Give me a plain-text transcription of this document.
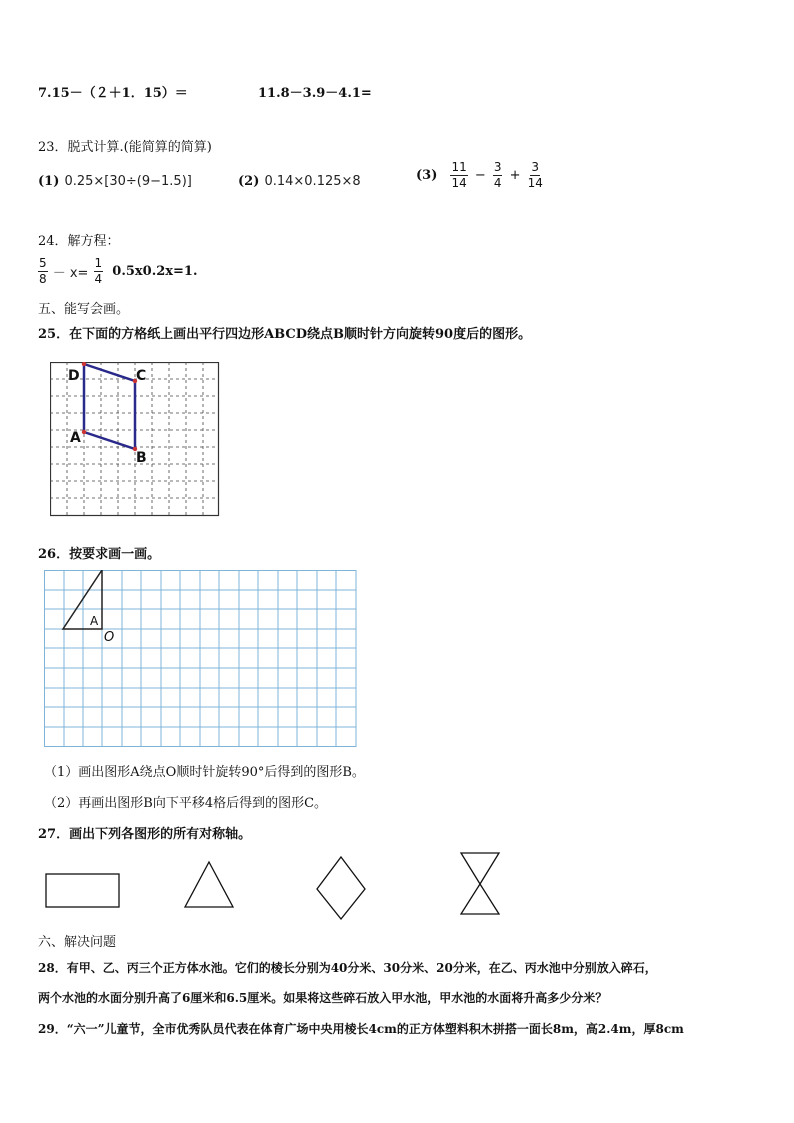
7.15－（２＋1．15）＝	11.8－3.9－4.1=
23．脱式计算.(能简算的简算)
(1) 0.25×[30÷(9−1.5)]	(2) 0.14×0.125×8	$(3) \frac{11}{14} - \frac{3}{4} + \frac{3}{14}$
24．解方程：
$\frac{5}{8} - x= \frac{1}{4} 0.5x0.2x=1$.
五、能写会画。
25．在下面的方格纸上画出平行四边形ABCD绕点B顺时针方向旋转90度后的图形。
D	C
A
B
26．按要求画一画。
A
O
（1）画出图形A绕点O顺时针旋转90°后得到的图形B。
（2）再画出图形B向下平移4格后得到的图形C。
27．画出下列各图形的所有对称轴。
六、解决问题
28．有甲、乙、丙三个正方体水池。它们的棱长分别为40分米、30分米、20分米，在乙、丙水池中分别放入碎石，
两个水池的水面分别升高了6厘米和6.5厘米。如果将这些碎石放入甲水池，甲水池的水面将升高多少分米？
29．“六一”儿童节，全市优秀队员代表在体育广场中央用棱长4cm的正方体塑料积木拼搭一面长8m，高2.4m，厚8cm
